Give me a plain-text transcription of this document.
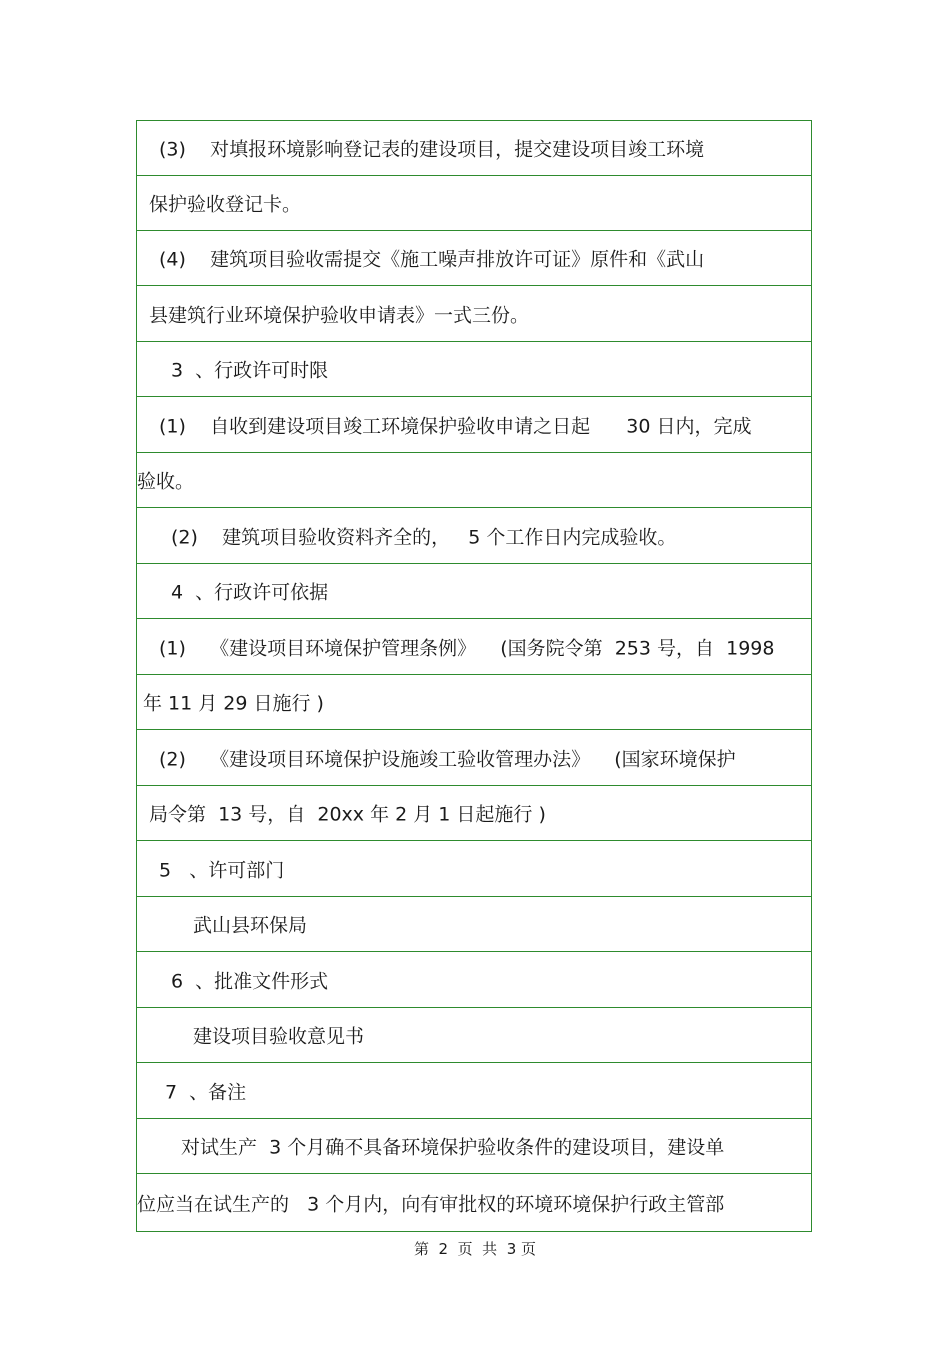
(3)    对填报环境影响登记表的建设项目，提交建设项目竣工环境
保护验收登记卡。
(4)    建筑项目验收需提交《施工噪声排放许可证》原件和《武山
县建筑行业环境保护验收申请表》一式三份。
3  、行政许可时限
(1)    自收到建设项目竣工环境保护验收申请之日起      30 日内，完成
验收。
(2)    建筑项目验收资料齐全的，   5 个工作日内完成验收。
4  、行政许可依据
(1)    《建设项目环境保护管理条例》    (国务院令第  253 号，自  1998
年 11 月 29 日施行 )
(2)    《建设项目环境保护设施竣工验收管理办法》    (国家环境保护
局令第  13 号，自  20xx 年 2 月 1 日起施行 )
5   、许可部门
武山县环保局
6  、批准文件形式
建设项目验收意见书
7  、备注
对试生产  3 个月确不具备环境保护验收条件的建设项目，建设单
位应当在试生产的   3 个月内，向有审批权的环境环境保护行政主管部
第  2  页  共  3 页
